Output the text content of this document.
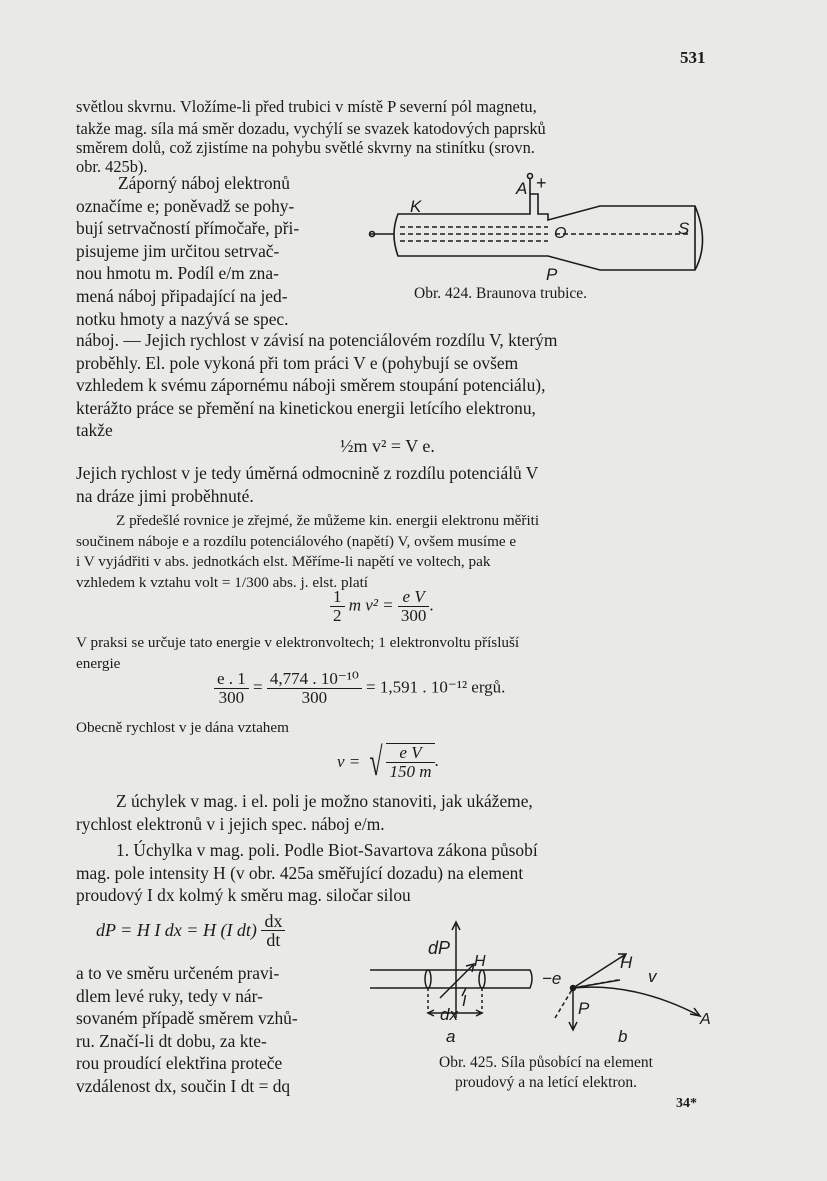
531
světlou skvrnu. Vložíme-li před trubici v místě P severní pól magnetu,
takže mag. síla má směr dozadu, vychýlí se svazek katodových paprsků
směrem dolů, což zjistíme na pohybu světlé skvrny na stinítku (srovn.
obr. 425b).
Záporný náboj elektronů
označíme e; poněvadž se pohy-
bují setrvačností přímočaře, při-
pisujeme jim určitou setrvač-
nou hmotu m. Podíl e/m zna-
mená náboj připadající na jed-
notku hmoty a nazývá se spec.
A +
K
O	S
P
Obr. 424. Braunova trubice.
náboj. — Jejich rychlost v závisí na potenciálovém rozdílu V, kterým
proběhly. El. pole vykoná při tom práci V e (pohybují se ovšem
vzhledem k svému zápornému náboji směrem stoupání potenciálu),
kterážto práce se přemění na kinetickou energii letícího elektronu,
takže
½m v² = V e.
Jejich rychlost v je tedy úměrná odmocnině z rozdílu potenciálů V
na dráze jimi proběhnuté.
Z předešlé rovnice je zřejmé, že můžeme kin. energii elektronu měřiti
součinem náboje e a rozdílu potenciálového (napětí) V, ovšem musíme e
i V vyjádřiti v abs. jednotkách elst. Měříme-li napětí ve voltech, pak
vzhledem k vztahu volt = 1/300 abs. j. elst. platí
$\frac{1}{2}$ m $v^2 = \frac{\text{e V}}{300}$ .
V praksi se určuje tato energie v elektronvoltech; 1 elektronvoltu přísluší
energie
$\frac{e . 1}{300} = \frac{\text{4,774 . 10⁻¹⁰}}{300} = 1,591$ . 10⁻¹² ergů.
Obecně rychlost v je dána vztahem
v = √ $\frac{\text{e V}}{150 m}$ .
Z úchylek v mag. i el. poli je možno stanoviti, jak ukážeme,
rychlost elektronů v i jejich spec. náboj e/m.
1. Úchylka v mag. poli. Podle Biot-Savartova zákona působí
mag. pole intensity H (v obr. 425a směřující dozadu) na element
proudový I dx kolmý k směru mag. siločar silou
dP = H I dx = H (I $dt) \frac{dx}{dt}$
a to ve směru určeném pravi-
dlem levé ruky, tedy v nár-
sovaném případě směrem vzhů-
ru. Značí-li dt dobu, za kte-
rou proudící elektřina proteče
vzdálenost dx, součin I dt = dq
dP
H
I
dx
a
−e
H
v
P
A
b
Obr. 425. Síla působící na element
proudový a na letící elektron.
34*
